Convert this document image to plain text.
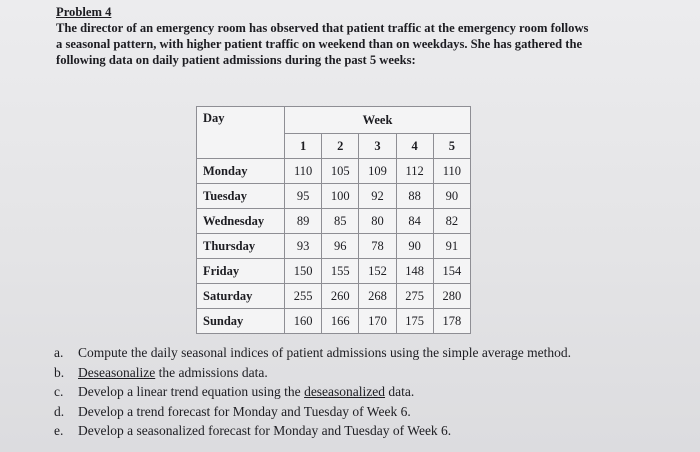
Problem 4
The director of an emergency room has observed that patient traffic at the emergency room follows
a seasonal pattern, with higher patient traffic on weekend than on weekdays. She has gathered the
following data on daily patient admissions during the past 5 weeks:
Day	Week				
	1	2	3	4	5
Monday	110	105	109	112	110
Tuesday	95	100	92	88	90
Wednesday	89	85	80	84	82
Thursday	93	96	78	90	91
Friday	150	155	152	148	154
Saturday	255	260	268	275	280
Sunday	160	166	170	175	178
a.	Compute the daily seasonal indices of patient admissions using the simple average method.
b.	Deseasonalize the admissions data.
c.	Develop a linear trend equation using the deseasonalized data.
d.	Develop a trend forecast for Monday and Tuesday of Week 6.
e.	Develop a seasonalized forecast for Monday and Tuesday of Week 6.
